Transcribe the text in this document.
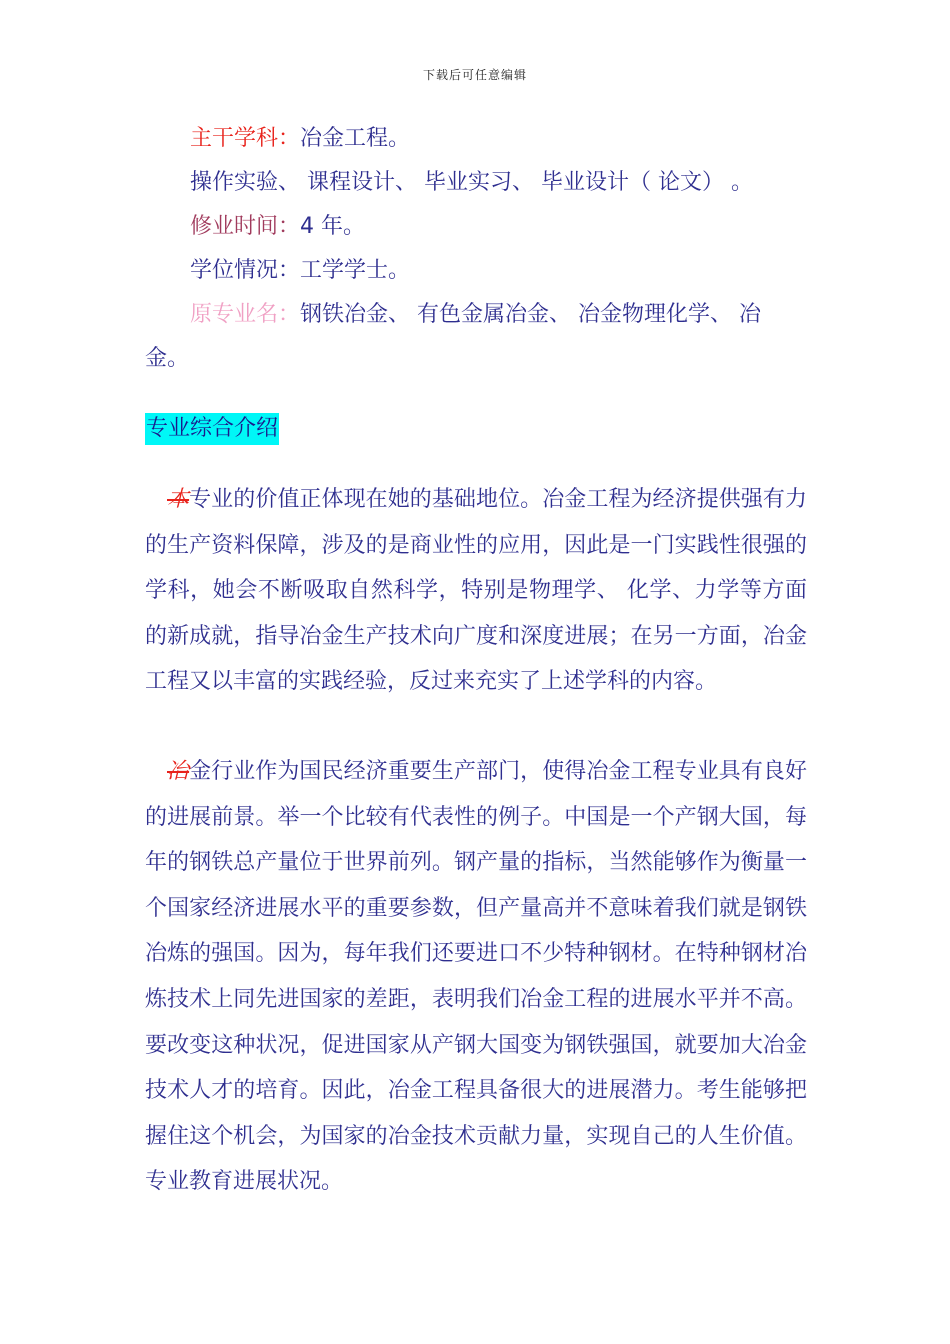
下载后可任意编辑
主干学科：冶金工程。
操作实验、 课程设计、 毕业实习、 毕业设计（ 论文） 。
修业时间：4 年。
学位情况：工学学士。
原专业名：钢铁冶金、 有色金属冶金、 冶金物理化学、 冶
金。
专业综合介绍
本专业的价值正体现在她的基础地位。冶金工程为经济提供强有力的生产资料保障，涉及的是商业性的应用，因此是一门实践性很强的学科，她会不断吸取自然科学，特别是物理学、 化学、力学等方面的新成就，指导冶金生产技术向广度和深度进展；在另一方面，冶金工程又以丰富的实践经验，反过来充实了上述学科的内容。
冶金行业作为国民经济重要生产部门，使得冶金工程专业具有良好的进展前景。举一个比较有代表性的例子。中国是一个产钢大国，每年的钢铁总产量位于世界前列。钢产量的指标，当然能够作为衡量一个国家经济进展水平的重要参数，但产量高并不意味着我们就是钢铁冶炼的强国。因为，每年我们还要进口不少特种钢材。在特种钢材冶炼技术上同先进国家的差距，表明我们冶金工程的进展水平并不高。要改变这种状况，促进国家从产钢大国变为钢铁强国，就要加大冶金技术人才的培育。因此，冶金工程具备很大的进展潜力。考生能够把握住这个机会，为国家的冶金技术贡献力量，实现自己的人生价值。专业教育进展状况。
